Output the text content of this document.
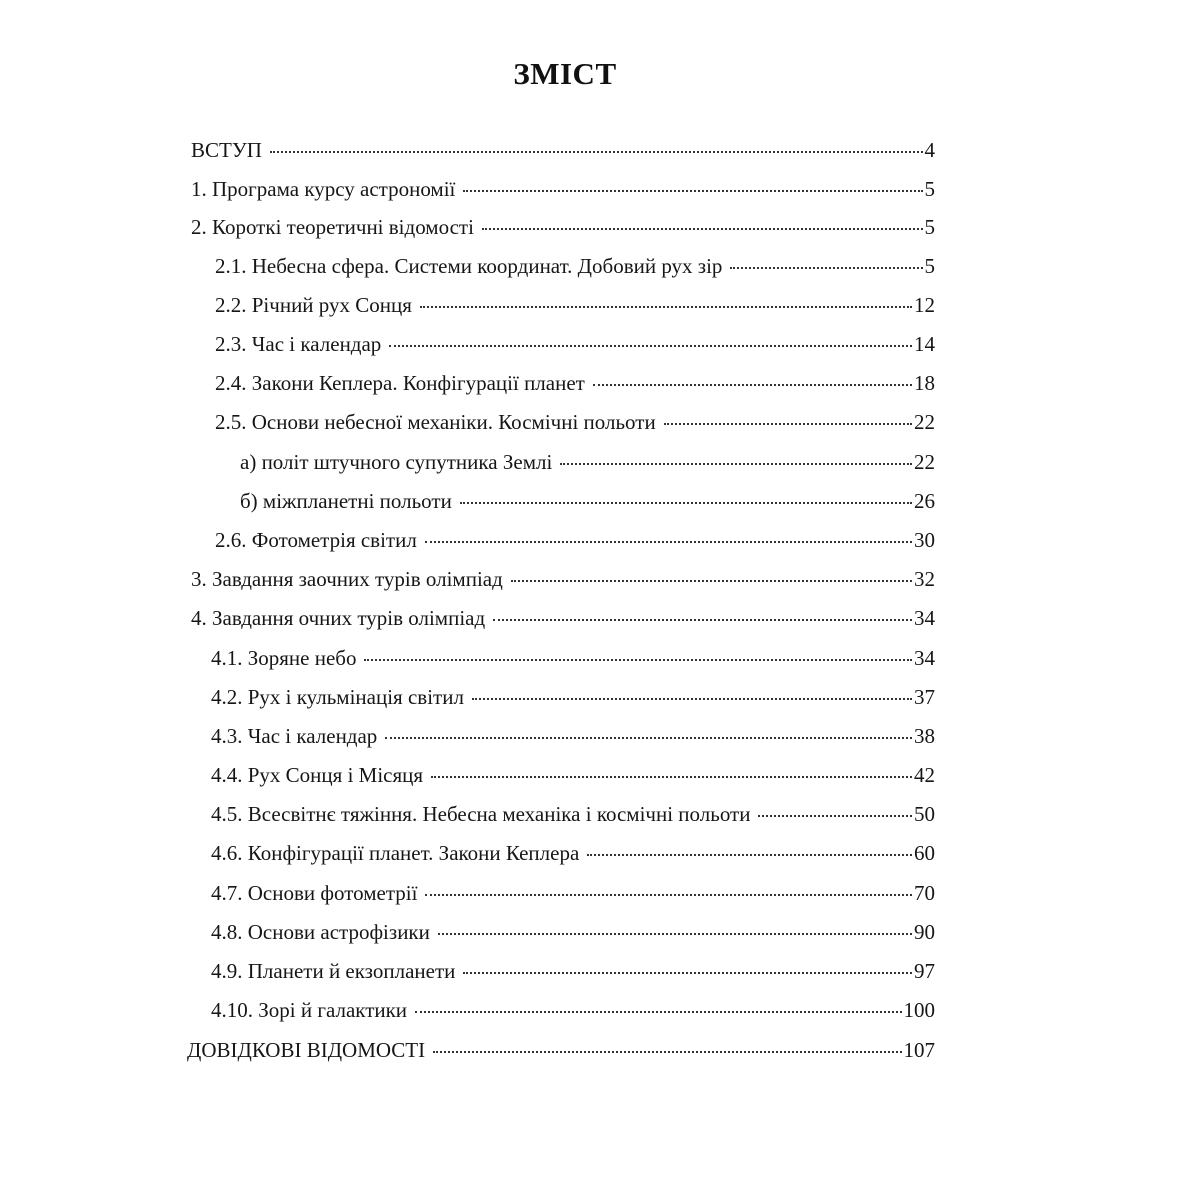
ЗМІСТ
ВСТУП	4
1. Програма курсу астрономії	5
2. Короткі теоретичні відомості	5
2.1. Небесна сфера. Системи координат. Добовий рух зір	5
2.2. Річний рух Сонця	12
2.3. Час і календар	14
2.4. Закони Кеплера. Конфігурації планет	18
2.5. Основи небесної механіки. Космічні польоти	22
а) політ штучного супутника Землі	22
б) міжпланетні польоти	26
2.6. Фотометрія світил	30
3. Завдання заочних турів олімпіад	32
4. Завдання очних турів олімпіад	34
4.1. Зоряне небо	34
4.2. Рух і кульмінація світил	37
4.3. Час і календар	38
4.4. Рух Сонця і Місяця	42
4.5. Всесвітнє тяжіння. Небесна механіка і космічні польоти	50
4.6. Конфігурації планет. Закони Кеплера	60
4.7. Основи фотометрії	70
4.8. Основи астрофізики	90
4.9. Планети й екзопланети	97
4.10. Зорі й галактики	100
ДОВІДКОВІ ВІДОМОСТІ	107
